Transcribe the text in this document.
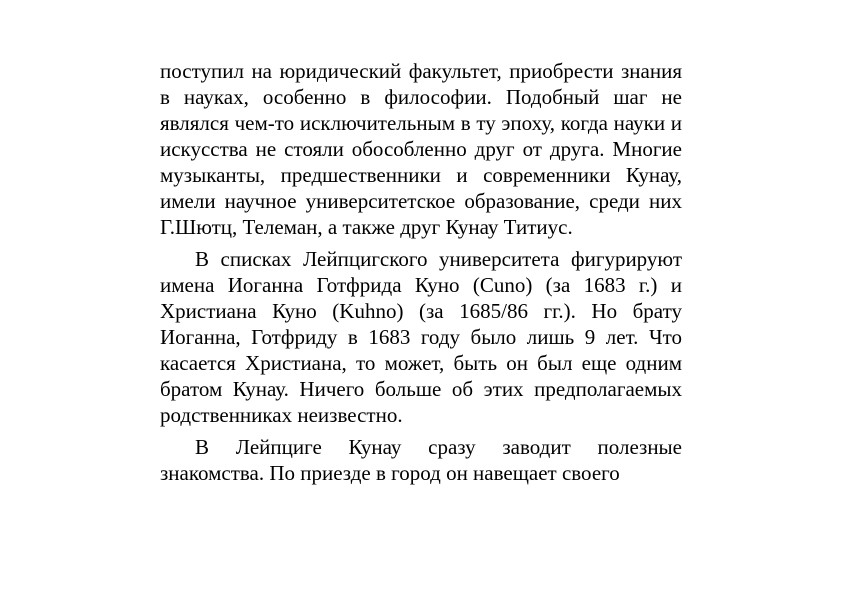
поступил на юридический факультет, приобрести знания в науках, особенно в философии. Подобный шаг не являлся чем-то исключительным в ту эпоху, когда науки и искусства не стояли обособленно друг от друга. Многие музыканты, предшественники и современники Кунау, имели научное университетское образование, среди них Г.Шютц, Телеман, а также друг Кунау Титиус.

В списках Лейпцигского университета фигурируют имена Иоганна Готфрида Куно (Cuno) (за 1683 г.) и Христиана Куно (Kuhno) (за 1685/86 гг.). Но брату Иоганна, Готфриду в 1683 году было лишь 9 лет. Что касается Христиана, то может, быть он был еще одним братом Кунау. Ничего больше об этих предполагаемых родственниках неизвестно.

В Лейпциге Кунау сразу заводит полезные знакомства. По приезде в город он навещает своего
